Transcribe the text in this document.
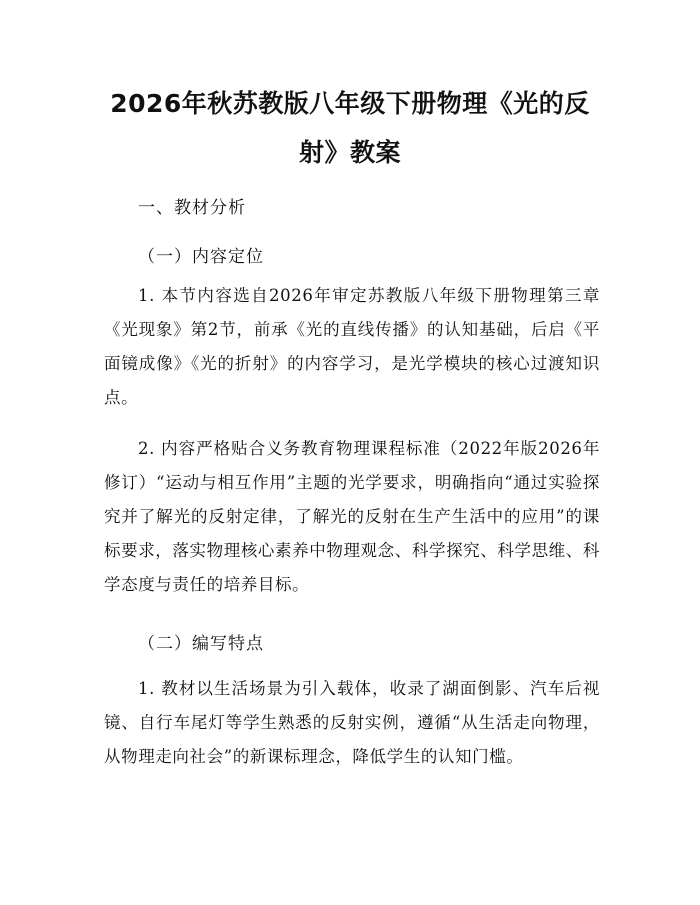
2026年秋苏教版八年级下册物理《光的反
射》教案

一、教材分析

（一）内容定位

1. 本节内容选自2026年审定苏教版八年级下册物理第三章《光现象》第2节，前承《光的直线传播》的认知基础，后启《平面镜成像》《光的折射》的内容学习，是光学模块的核心过渡知识点。

2. 内容严格贴合义务教育物理课程标准（2022年版2026年修订）“运动与相互作用”主题的光学要求，明确指向“通过实验探究并了解光的反射定律，了解光的反射在生产生活中的应用”的课标要求，落实物理核心素养中物理观念、科学探究、科学思维、科学态度与责任的培养目标。

（二）编写特点

1. 教材以生活场景为引入载体，收录了湖面倒影、汽车后视镜、自行车尾灯等学生熟悉的反射实例，遵循“从生活走向物理，从物理走向社会”的新课标理念，降低学生的认知门槛。
